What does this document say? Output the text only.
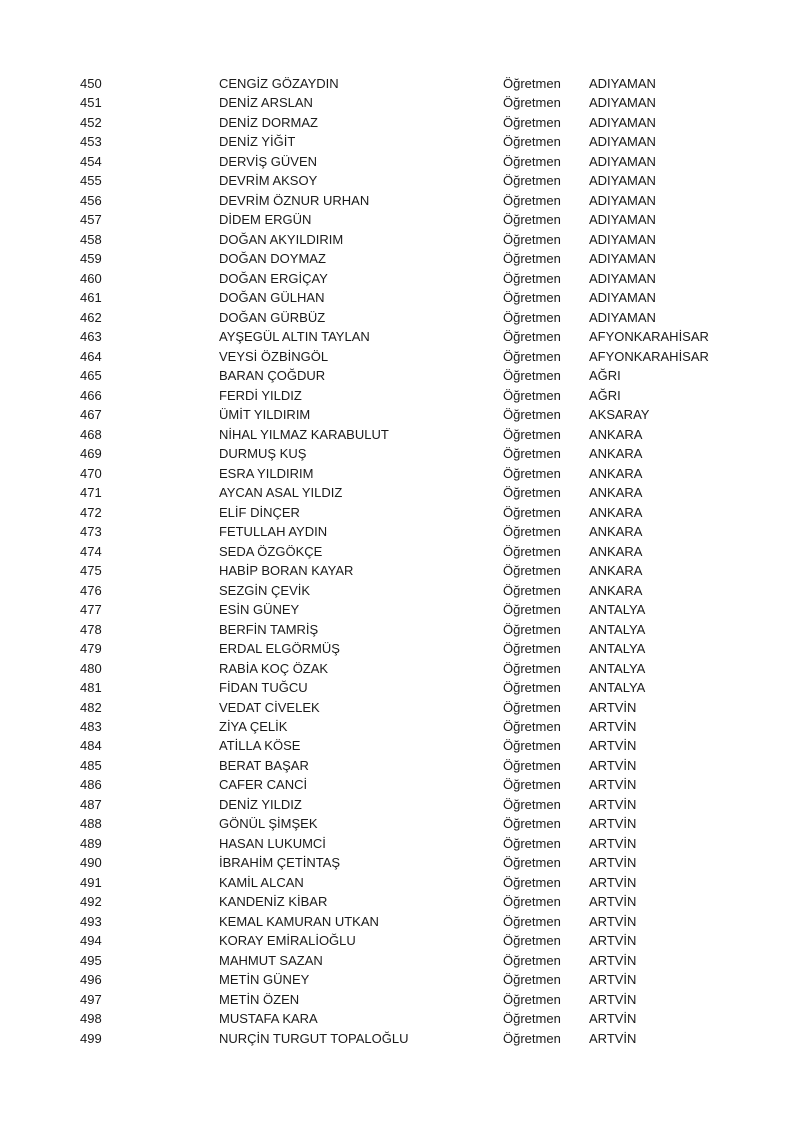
450	CENGİZ GÖZAYDIN	Öğretmen ADIYAMAN
451	DENİZ ARSLAN	Öğretmen ADIYAMAN
452	DENİZ DORMAZ	Öğretmen ADIYAMAN
453	DENİZ YİĞİT	Öğretmen ADIYAMAN
454	DERVİŞ GÜVEN	Öğretmen ADIYAMAN
455	DEVRİM AKSOY	Öğretmen ADIYAMAN
456	DEVRİM ÖZNUR URHAN	Öğretmen ADIYAMAN
457	DİDEM ERGÜN	Öğretmen ADIYAMAN
458	DOĞAN AKYILDIRIM	Öğretmen ADIYAMAN
459	DOĞAN DOYMAZ	Öğretmen ADIYAMAN
460	DOĞAN ERGİÇAY	Öğretmen ADIYAMAN
461	DOĞAN GÜLHAN	Öğretmen ADIYAMAN
462	DOĞAN GÜRBÜZ	Öğretmen ADIYAMAN
463	AYŞEGÜL ALTIN TAYLAN	Öğretmen AFYONKARAHİSAR
464	VEYSİ ÖZBİNGÖL	Öğretmen AFYONKARAHİSAR
465	BARAN ÇOĞDUR	Öğretmen AĞRI
466	FERDİ YILDIZ	Öğretmen AĞRI
467	ÜMİT YILDIRIM	Öğretmen AKSARAY
468	NİHAL YILMAZ KARABULUT	Öğretmen ANKARA
469	DURMUŞ KUŞ	Öğretmen ANKARA
470	ESRA YILDIRIM	Öğretmen ANKARA
471	AYCAN ASAL YILDIZ	Öğretmen ANKARA
472	ELİF DİNÇER	Öğretmen ANKARA
473	FETULLAH AYDIN	Öğretmen ANKARA
474	SEDA ÖZGÖKÇE	Öğretmen ANKARA
475	HABİP BORAN KAYAR	Öğretmen ANKARA
476	SEZGİN ÇEVİK	Öğretmen ANKARA
477	ESİN GÜNEY	Öğretmen ANTALYA
478	BERFİN TAMRİŞ	Öğretmen ANTALYA
479	ERDAL ELGÖRMÜŞ	Öğretmen ANTALYA
480	RABİA KOÇ ÖZAK	Öğretmen ANTALYA
481	FİDAN TUĞCU	Öğretmen ANTALYA
482	VEDAT CİVELEK	Öğretmen ARTVİN
483	ZİYA ÇELİK	Öğretmen ARTVİN
484	ATİLLA KÖSE	Öğretmen ARTVİN
485	BERAT BAŞAR	Öğretmen ARTVİN
486	CAFER CANCİ	Öğretmen ARTVİN
487	DENİZ YILDIZ	Öğretmen ARTVİN
488	GÖNÜL ŞİMŞEK	Öğretmen ARTVİN
489	HASAN LUKUMCİ	Öğretmen ARTVİN
490	İBRAHİM ÇETİNTAŞ	Öğretmen ARTVİN
491	KAMİL ALCAN	Öğretmen ARTVİN
492	KANDENİZ KİBAR	Öğretmen ARTVİN
493	KEMAL KAMURAN UTKAN	Öğretmen ARTVİN
494	KORAY EMİRALİOĞLU	Öğretmen ARTVİN
495	MAHMUT SAZAN	Öğretmen ARTVİN
496	METİN GÜNEY	Öğretmen ARTVİN
497	METİN ÖZEN	Öğretmen ARTVİN
498	MUSTAFA KARA	Öğretmen ARTVİN
499	NURÇİN TURGUT TOPALOĞLU	Öğretmen ARTVİN
